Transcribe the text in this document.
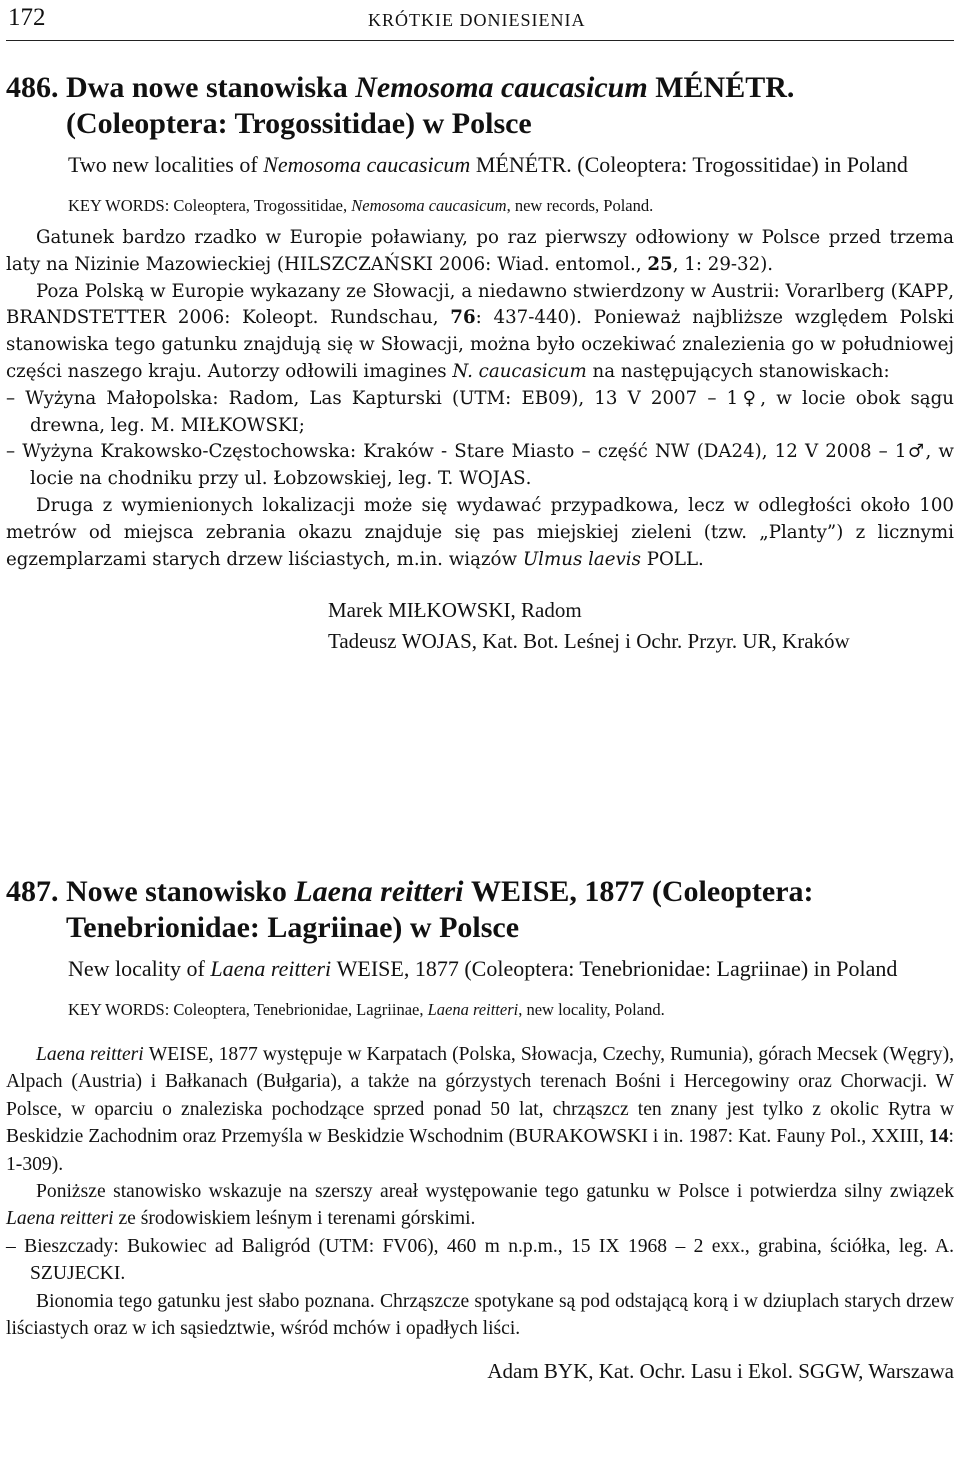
172	KRÓTKIE DONIESIENIA
486. Dwa nowe stanowiska Nemosoma caucasicum MÉNÉTR. (Coleoptera: Trogossitidae) w Polsce
Two new localities of Nemosoma caucasicum MÉNÉTR. (Coleoptera: Trogossitidae) in Poland
KEY WORDS: Coleoptera, Trogossitidae, Nemosoma caucasicum, new records, Poland.

Gatunek bardzo rzadko w Europie poławiany, po raz pierwszy odłowiony w Polsce przed trzema laty na Nizinie Mazowieckiej (HILSZCZAŃSKI 2006: Wiad. entomol., 25, 1: 29-32).

Poza Polską w Europie wykazany ze Słowacji, a niedawno stwierdzony w Austrii: Vorarlberg (KAPP, BRANDSTETTER 2006: Koleopt. Rundschau, 76: 437-440). Ponieważ najbliższe względem Polski stanowiska tego gatunku znajdują się w Słowacji, można było oczekiwać znalezienia go w południowej części naszego kraju. Autorzy odłowili imagines N. caucasicum na następujących stanowiskach:

– Wyżyna Małopolska: Radom, Las Kapturski (UTM: EB09), 13 V 2007 – 1♀, w locie obok sągu drewna, leg. M. MIŁKOWSKI;

– Wyżyna Krakowsko-Częstochowska: Kraków - Stare Miasto – część NW (DA24), 12 V 2008 – 1♂, w locie na chodniku przy ul. Łobzowskiej, leg. T. WOJAS.

Druga z wymienionych lokalizacji może się wydawać przypadkowa, lecz w odległości około 100 metrów od miejsca zebrania okazu znajduje się pas miejskiej zieleni (tzw. „Planty”) z licznymi egzemplarzami starych drzew liściastych, m.in. wiązów Ulmus laevis POLL.

Marek MIŁKOWSKI, Radom
Tadeusz WOJAS, Kat. Bot. Leśnej i Ochr. Przyr. UR, Kraków
487. Nowe stanowisko Laena reitteri WEISE, 1877 (Coleoptera: Tenebrionidae: Lagriinae) w Polsce
New locality of Laena reitteri WEISE, 1877 (Coleoptera: Tenebrionidae: Lagriinae) in Poland
KEY WORDS: Coleoptera, Tenebrionidae, Lagriinae, Laena reitteri, new locality, Poland.

Laena reitteri WEISE, 1877 występuje w Karpatach (Polska, Słowacja, Czechy, Rumunia), górach Mecsek (Węgry), Alpach (Austria) i Bałkanach (Bułgaria), a także na górzystych terenach Bośni i Hercegowiny oraz Chorwacji. W Polsce, w oparciu o znaleziska pochodzące sprzed ponad 50 lat, chrząszcz ten znany jest tylko z okolic Rytra w Beskidzie Zachodnim oraz Przemyśla w Beskidzie Wschodnim (BURAKOWSKI i in. 1987: Kat. Fauny Pol., XXIII, 14: 1-309).

Poniższe stanowisko wskazuje na szerszy areał występowanie tego gatunku w Polsce i potwierdza silny związek Laena reitteri ze środowiskiem leśnym i terenami górskimi.

– Bieszczady: Bukowiec ad Baligród (UTM: FV06), 460 m n.p.m., 15 IX 1968 – 2 exx., grabina, ściółka, leg. A. SZUJECKI.

Bionomia tego gatunku jest słabo poznana. Chrząszcze spotykane są pod odstającą korą i w dziuplach starych drzew liściastych oraz w ich sąsiedztwie, wśród mchów i opadłych liści.

Adam BYK, Kat. Ochr. Lasu i Ekol. SGGW, Warszawa
